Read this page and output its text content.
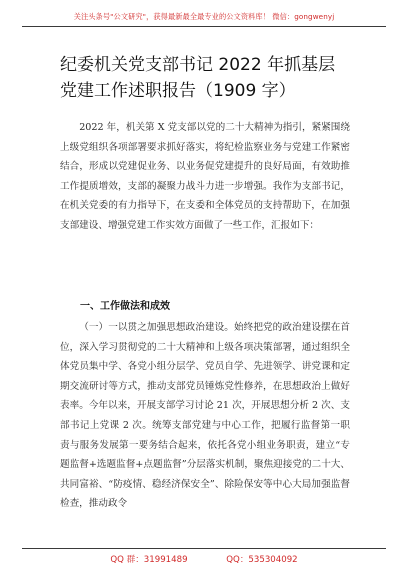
关注头条号"公文研究"，获得最新最全最专业的公文资料库！ 微信：gongwenyj
纪委机关党支部书记 2022 年抓基层党建工作述职报告（1909 字）

2022 年，机关第 X 党支部以党的二十大精神为指引，紧紧围绕上级党组织各项部署要求抓好落实，将纪检监察业务与党建工作紧密结合，形成以党建促业务、以业务促党建提升的良好局面，有效助推工作提质增效，支部的凝聚力战斗力进一步增强。我作为支部书记，在机关党委的有力指导下，在支委和全体党员的支持帮助下，在加强支部建设、增强党建工作实效方面做了一些工作，汇报如下：

一、工作做法和成效

（一）一以贯之加强思想政治建设。始终把党的政治建设摆在首位，深入学习贯彻党的二十大精神和上级各项决策部署，通过组织全体党员集中学、各党小组分层学、党员自学、先进领学、讲党课和定期交流研讨等方式，推动支部党员锤炼党性修养，在思想政治上做好表率。今年以来，开展支部学习讨论 21 次，开展思想分析 2 次、支部书记上党课 2 次。统筹支部党建与中心工作，把履行监督第一职责与服务发展第一要务结合起来，依托各党小组业务职责，建立“专题监督+选题监督+点题监督”分层落实机制，聚焦迎接党的二十大、共同富裕、“防疫情、稳经济保安全”、除险保安等中心大局加强监督检查，推动政令

QQ 群：31991489	QQ：535304092
